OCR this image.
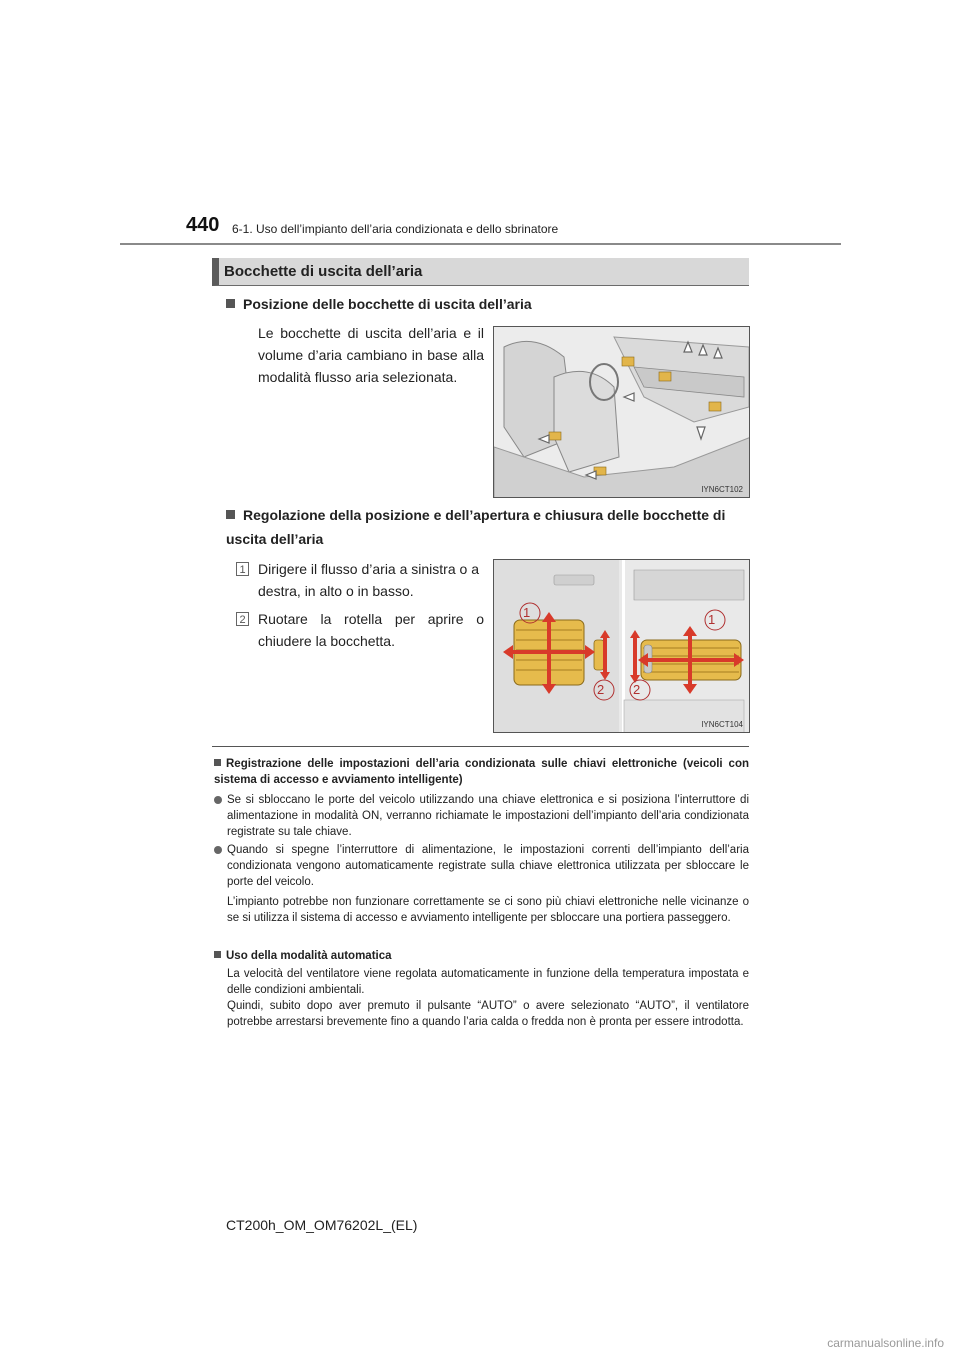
440 6-1. Uso dell’impianto dell’aria condizionata e dello sbrinatore
Bocchette di uscita dell’aria
Posizione delle bocchette di uscita dell’aria
Le bocchette di uscita dell’aria e il volume d’aria cambiano in base alla modalità flusso aria selezionata.
IYN6CT102
Regolazione della posizione e dell’apertura e chiusura delle bocchette di uscita dell’aria
1 Dirigere il flusso d’aria a sinistra o a destra, in alto o in basso.
2 Ruotare la rotella per aprire o chiudere la bocchetta.
1	1
2 2
IYN6CT104
Registrazione delle impostazioni dell’aria condizionata sulle chiavi elettroniche (veicoli con sistema di accesso e avviamento intelligente)
Se si sbloccano le porte del veicolo utilizzando una chiave elettronica e si posiziona l’interruttore di alimentazione in modalità ON, verranno richiamate le impostazioni dell’impianto dell’aria condizionata registrate su tale chiave.
Quando si spegne l’interruttore di alimentazione, le impostazioni correnti dell’impianto dell’aria condizionata vengono automaticamente registrate sulla chiave elettronica utilizzata per sbloccare le porte del veicolo.
L’impianto potrebbe non funzionare correttamente se ci sono più chiavi elettroniche nelle vicinanze o se si utilizza il sistema di accesso e avviamento intelligente per sbloccare una portiera passeggero.
Uso della modalità automatica
La velocità del ventilatore viene regolata automaticamente in funzione della temperatura impostata e delle condizioni ambientali.
Quindi, subito dopo aver premuto il pulsante “AUTO” o avere selezionato “AUTO”, il ventilatore potrebbe arrestarsi brevemente fino a quando l’aria calda o fredda non è pronta per essere introdotta.
CT200h_OM_OM76202L_(EL)
carmanualsonline.info
